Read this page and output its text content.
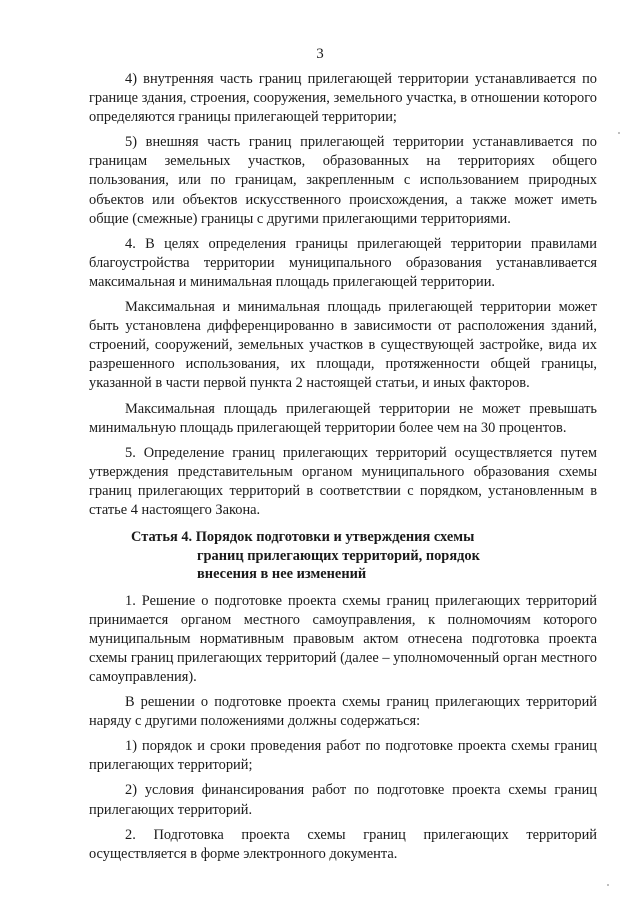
3

4) внутренняя часть границ прилегающей территории устанавливается по границе здания, строения, сооружения, земельного участка, в отношении которого определяются границы прилегающей территории;

5) внешняя часть границ прилегающей территории устанавливается по границам земельных участков, образованных на территориях общего пользования, или по границам, закрепленным с использованием природных объектов или объектов искусственного происхождения, а также может иметь общие (смежные) границы с другими прилегающими территориями.

4. В целях определения границы прилегающей территории правилами благоустройства территории муниципального образования устанавливается максимальная и минимальная площадь прилегающей территории.

Максимальная и минимальная площадь прилегающей территории может быть установлена дифференцированно в зависимости от расположения зданий, строений, сооружений, земельных участков в существующей застройке, вида их разрешенного использования, их площади, протяженности общей границы, указанной в части первой пункта 2 настоящей статьи, и иных факторов.

Максимальная площадь прилегающей территории не может превышать минимальную площадь прилегающей территории более чем на 30 процентов.

5. Определение границ прилегающих территорий осуществляется путем утверждения представительным органом муниципального образования схемы границ прилегающих территорий в соответствии с порядком, установленным в статье 4 настоящего Закона.

Статья 4. Порядок подготовки и утверждения схемы
границ прилегающих территорий, порядок
внесения в нее изменений

1. Решение о подготовке проекта схемы границ прилегающих территорий принимается органом местного самоуправления, к полномочиям которого муниципальным нормативным правовым актом отнесена подготовка проекта схемы границ прилегающих территорий (далее – уполномоченный орган местного самоуправления).

В решении о подготовке проекта схемы границ прилегающих территорий наряду с другими положениями должны содержаться:

1) порядок и сроки проведения работ по подготовке проекта схемы границ прилегающих территорий;

2) условия финансирования работ по подготовке проекта схемы границ прилегающих территорий.

2. Подготовка проекта схемы границ прилегающих территорий осуществляется в форме электронного документа.
